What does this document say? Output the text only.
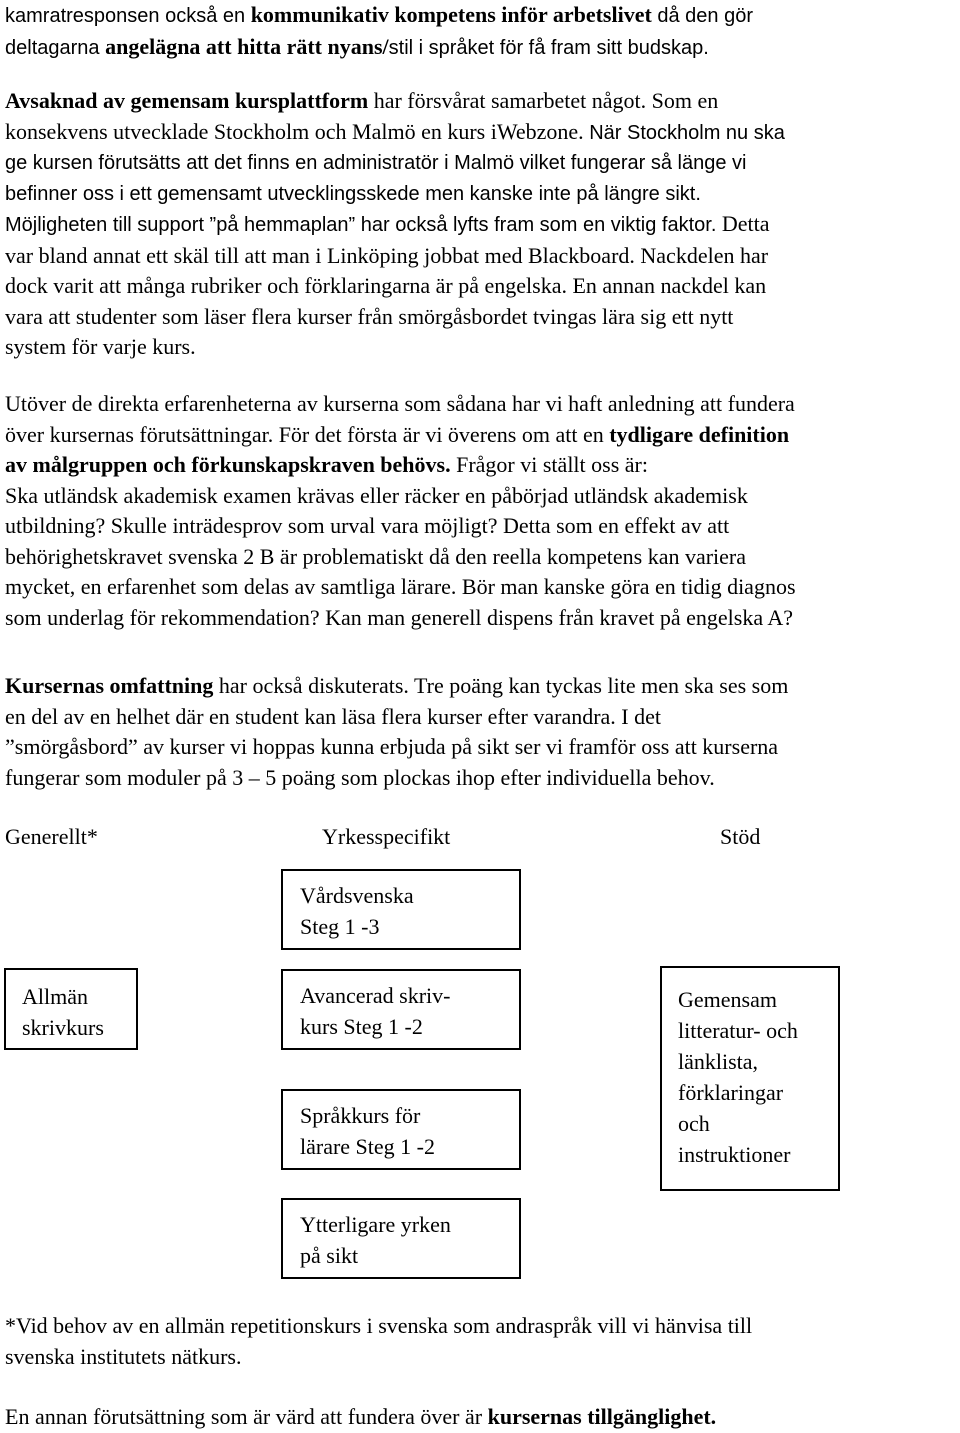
kamratresponsen också en kommunikativ kompetens inför arbetslivet då den gör
deltagarna angelägna att hitta rätt nyans/stil i språket för få fram sitt budskap.
Avsaknad av gemensam kursplattform har försvårat samarbetet något. Som en
konsekvens utvecklade Stockholm och Malmö en kurs iWebzone. När Stockholm nu ska
ge kursen förutsätts att det finns en administratör i Malmö vilket fungerar så länge vi
befinner oss i ett gemensamt utvecklingsskede men kanske inte på längre sikt.
Möjligheten till support ”på hemmaplan” har också lyfts fram som en viktig faktor. Detta
var bland annat ett skäl till att man i Linköping jobbat med Blackboard. Nackdelen har
dock varit att många rubriker och förklaringarna är på engelska. En annan nackdel kan
vara att studenter som läser flera kurser från smörgåsbordet tvingas lära sig ett nytt
system för varje kurs.
Utöver de direkta erfarenheterna av kurserna som sådana har vi haft anledning att fundera
över kursernas förutsättningar. För det första är vi överens om att en tydligare definition
av målgruppen och förkunskapskraven behövs. Frågor vi ställt oss är:
Ska utländsk akademisk examen krävas eller räcker en påbörjad utländsk akademisk
utbildning? Skulle inträdesprov som urval vara möjligt? Detta som en effekt av att
behörighetskravet svenska 2 B är problematiskt då den reella kompetens kan variera
mycket, en erfarenhet som delas av samtliga lärare. Bör man kanske göra en tidig diagnos
som underlag för rekommendation? Kan man generell dispens från kravet på engelska A?
Kursernas omfattning har också diskuterats. Tre poäng kan tyckas lite men ska ses som
en del av en helhet där en student kan läsa flera kurser efter varandra. I det
”smörgåsbord” av kurser vi hoppas kunna erbjuda på sikt ser vi framför oss att kurserna
fungerar som moduler på 3 – 5 poäng som plockas ihop efter individuella behov.
Generellt*	Yrkesspecifikt	Stöd
Allmän
skrivkurs
Vårdsvenska
Steg 1 -3
Avancerad skriv-
kurs Steg 1 -2
Språkkurs för
lärare Steg 1 -2
Ytterligare yrken
på sikt
Gemensam
litteratur- och
länklista,
förklaringar
och
instruktioner
*Vid behov av en allmän repetitionskurs i svenska som andraspråk vill vi hänvisa till
svenska institutets nätkurs.
En annan förutsättning som är värd att fundera över är kursernas tillgänglighet.
